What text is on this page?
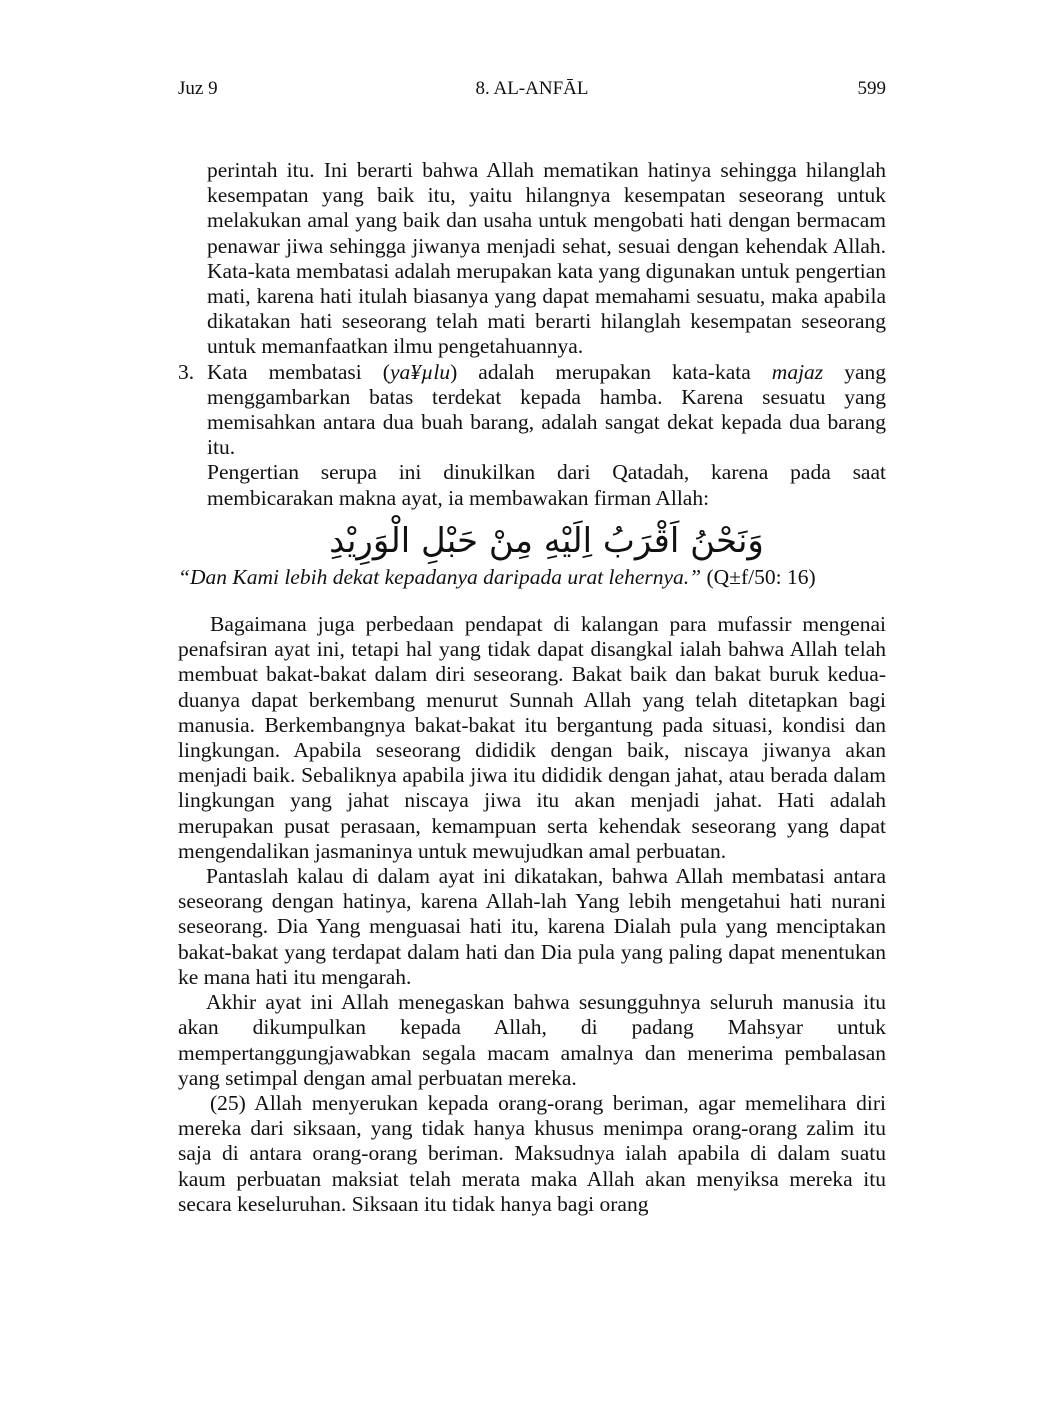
Juz 9	8. AL-ANFĀL	599

perintah itu. Ini berarti bahwa Allah mematikan hatinya sehingga hilanglah kesempatan yang baik itu, yaitu hilangnya kesempatan seseorang untuk melakukan amal yang baik dan usaha untuk mengobati hati dengan bermacam penawar jiwa sehingga jiwanya menjadi sehat, sesuai dengan kehendak Allah. Kata-kata membatasi adalah merupakan kata yang digunakan untuk pengertian mati, karena hati itulah biasanya yang dapat memahami sesuatu, maka apabila dikatakan hati seseorang telah mati berarti hilanglah kesempatan seseorang untuk memanfaatkan ilmu pengetahuannya.

3. Kata membatasi (ya¥µlu) adalah merupakan kata-kata majaz yang menggambarkan batas terdekat kepada hamba. Karena sesuatu yang memisahkan antara dua buah barang, adalah sangat dekat kepada dua barang itu.

Pengertian serupa ini dinukilkan dari Qatadah, karena pada saat membicarakan makna ayat, ia membawakan firman Allah:

وَنَحْنُ اَقْرَبُ اِلَيْهِ مِنْ حَبْلِ الْوَرِيْدِ

“Dan Kami lebih dekat kepadanya daripada urat lehernya.” (Q±f/50: 16)

Bagaimana juga perbedaan pendapat di kalangan para mufassir mengenai penafsiran ayat ini, tetapi hal yang tidak dapat disangkal ialah bahwa Allah telah membuat bakat-bakat dalam diri seseorang. Bakat baik dan bakat buruk kedua-duanya dapat berkembang menurut Sunnah Allah yang telah ditetapkan bagi manusia. Berkembangnya bakat-bakat itu bergantung pada situasi, kondisi dan lingkungan. Apabila seseorang dididik dengan baik, niscaya jiwanya akan menjadi baik. Sebaliknya apabila jiwa itu dididik dengan jahat, atau berada dalam lingkungan yang jahat niscaya jiwa itu akan menjadi jahat. Hati adalah merupakan pusat perasaan, kemampuan serta kehendak seseorang yang dapat mengendalikan jasmaninya untuk mewujudkan amal perbuatan.

Pantaslah kalau di dalam ayat ini dikatakan, bahwa Allah membatasi antara seseorang dengan hatinya, karena Allah-lah Yang lebih mengetahui hati nurani seseorang. Dia Yang menguasai hati itu, karena Dialah pula yang menciptakan bakat-bakat yang terdapat dalam hati dan Dia pula yang paling dapat menentukan ke mana hati itu mengarah.

Akhir ayat ini Allah menegaskan bahwa sesungguhnya seluruh manusia itu akan dikumpulkan kepada Allah, di padang Mahsyar untuk mempertanggungjawabkan segala macam amalnya dan menerima pembalasan yang setimpal dengan amal perbuatan mereka.

(25) Allah menyerukan kepada orang-orang beriman, agar memelihara diri mereka dari siksaan, yang tidak hanya khusus menimpa orang-orang zalim itu saja di antara orang-orang beriman. Maksudnya ialah apabila di dalam suatu kaum perbuatan maksiat telah merata maka Allah akan menyiksa mereka itu secara keseluruhan. Siksaan itu tidak hanya bagi orang
